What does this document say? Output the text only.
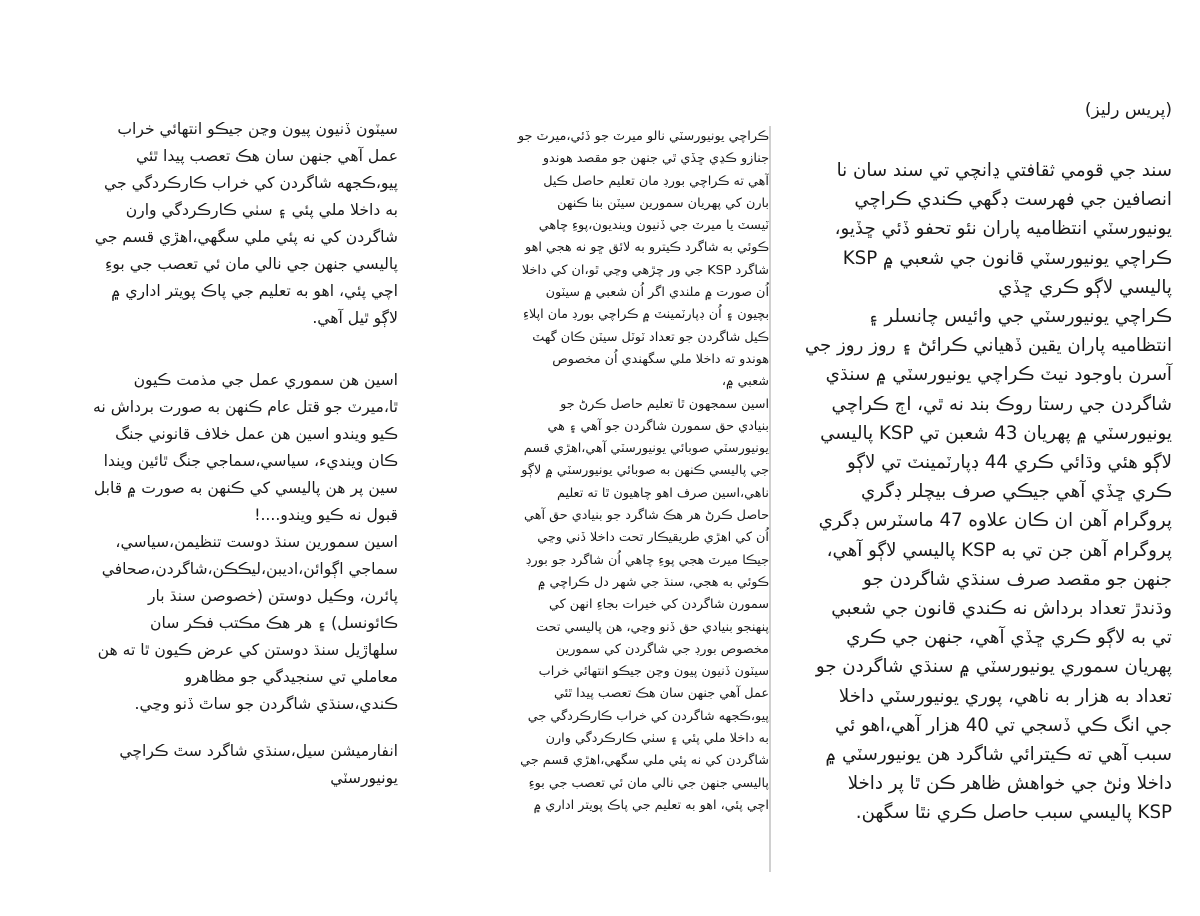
(پريس رليز)

سند جي قومي ثقافتي ڍانچي تي سند سان نا

انصافين جي فهرست ڊگهي ڪندي ڪراچي

يونيورسٽي انتظاميه پاران نئو تحفو ڏئي ڇڏيو،

ڪراچي يونيورسٽي قانون جي شعبي ۾ KSP

پاليسي لاڳو ڪري ڇڏي

ڪراچي يونيورسٽي جي وائيس چانسلر ۽

انتظاميه پاران يقين ڏهياني ڪرائڻ ۽ روز روز جي

آسرن باوجود نيٽ ڪراچي يونيورسٽي ۾ سنڌي

شاگردن جي رستا روڪ بند نه ٿي، اڄ ڪراچي

يونيورسٽي ۾ پهريان 43 شعبن تي KSP پاليسي

لاڳو هئي وڌائي ڪري 44 ڊپارٽمينٽ تي لاڳو

ڪري ڇڏي آهي جيڪي صرف بيچلر ڊگري

پروگرام آهن ان ڪان علاوه 47 ماسٽرس ڊگري

پروگرام آهن جن تي به KSP پاليسي لاڳو آهي،

جنهن جو مقصد صرف سنڌي شاگردن جو

وڌندڙ تعداد برداش نه ڪندي قانون جي شعبي

تي به لاڳو ڪري ڇڏي آهي، جنهن جي ڪري

پهريان سموري يونيورسٽي ۾ سنڌي شاگردن جو

تعداد به هزار به ناهي، پوري يونيورسٽي داخلا

جي انگ ڪي ڏسجي تي 40 هزار آهي،اهو ئي

سبب آهي ته ڪيترائي شاگرد هن يونيورسٽي ۾

داخلا وٺڻ جي خواهش ظاهر ڪن ٿا پر داخلا

KSP پاليسي سبب حاصل ڪري نٿا سگهن.

ڪراچي يونيورسٽي نالو ميرٽ جو ڏئي،ميرٽ جو

جنازو ڪڍي ڇڏي ٿي جنهن جو مقصد هوندو

آهي ته ڪراچي بورڊ مان تعليم حاصل ڪيل

بارن کي پهريان سمورين سيٽن بنا ڪنهن

ٽيسٽ يا ميرٽ جي ڏنيون وينديون،پوءِ چاهي

ڪوئي به شاگرد ڪيترو به لائق ڇو نه هجي اهو

شاگرد KSP جي ور چڙهي وڃي ٿو،ان کي داخلا

اُن صورت ۾ ملندي اگر اُن شعبي ۾ سيٽون

بچيون ۽ اُن ڊپارٽمينٽ ۾ ڪراچي بورڊ مان اپلاءِ

ڪيل شاگردن جو تعداد ٽوٽل سيٽن ڪان گهٽ

هوندو ته داخلا ملي سگهندي اُن مخصوص

شعبي ۾،

اسين سمجهون ٿا تعليم حاصل ڪرڻ جو

بنيادي حق سمورن شاگردن جو آهي ۽ هي

يونيورسٽي صوبائي يونيورسٽي آهي،اهڙي قسم

جي پاليسي ڪنهن به صوبائي يونيورسٽي ۾ لاڳو

ناهي،اسين صرف اهو چاهيون ٿا ته تعليم

حاصل ڪرڻ هر هڪ شاگرد جو بنيادي حق آهي

اُن کي اهڙي طريقيڪار تحت داخلا ڏني وڃي

جيڪا ميرٽ هجي پوءِ چاهي اُن شاگرد جو بورڊ

ڪوئي به هجي، سنڌ جي شهر دل ڪراچي ۾

سمورن شاگردن کي خيرات بجاءِ انهن کي

پنهنجو بنيادي حق ڏنو وڃي، هن پاليسي تحت

مخصوص بورڊ جي شاگردن کي سمورين

سيٽون ڏنيون پيون وڃن جيڪو انتهائي خراب

عمل آهي جنهن سان هڪ تعصب پيدا ٿئي

پيو،ڪجهه شاگردن کي خراب ڪارڪردگي جي

به داخلا ملي پئي ۽ سٺي ڪارڪردگي وارن

شاگردن کي نه پئي ملي سگهي،اهڙي قسم جي

پاليسي جنهن جي نالي مان ئي تعصب جي بوءِ

اچي پئي، اهو به تعليم جي پاڪ پويتر اداري ۾

سيٽون ڏنيون پيون وڃن جيڪو انتهائي خراب

عمل آهي جنهن سان هڪ تعصب پيدا ٿئي

پيو،ڪجهه شاگردن کي خراب ڪارڪردگي جي

به داخلا ملي پئي ۽ سٺي ڪارڪردگي وارن

شاگردن کي نه پئي ملي سگهي،اهڙي قسم جي

پاليسي جنهن جي نالي مان ئي تعصب جي بوءِ

اچي پئي، اهو به تعليم جي پاڪ پويتر اداري ۾

لاڳو ٿيل آهي.

اسين هن سموري عمل جي مذمت ڪيون

ٿا،ميرٽ جو قتل عام ڪنهن به صورت برداش نه

ڪيو ويندو اسين هن عمل خلاف قانوني جنگ

ڪان وينديء، سياسي،سماجي جنگ ٿائين ويندا

سين پر هن پاليسي کي ڪنهن به صورت ۾ قابل

قبول نه ڪيو ويندو....!

اسين سمورين سنڌ دوست تنظيمن،سياسي،

سماجي اڳوائن،اديبن،ليڪڪن،شاگردن،صحافي

پائرن، وڪيل دوستن (خصوصن سنڌ بار

ڪائونسل) ۽ هر هڪ مڪتب فڪر سان

سلهاڙيل سنڌ دوستن کي عرض ڪيون ٿا ته هن

معاملي تي سنجيدگي جو مظاهرو

ڪندي،سنڌي شاگردن جو ساٿ ڏنو وڃي.

انفارميشن سيل،سنڌي شاگرد سٿ ڪراچي

يونيورسٽي
